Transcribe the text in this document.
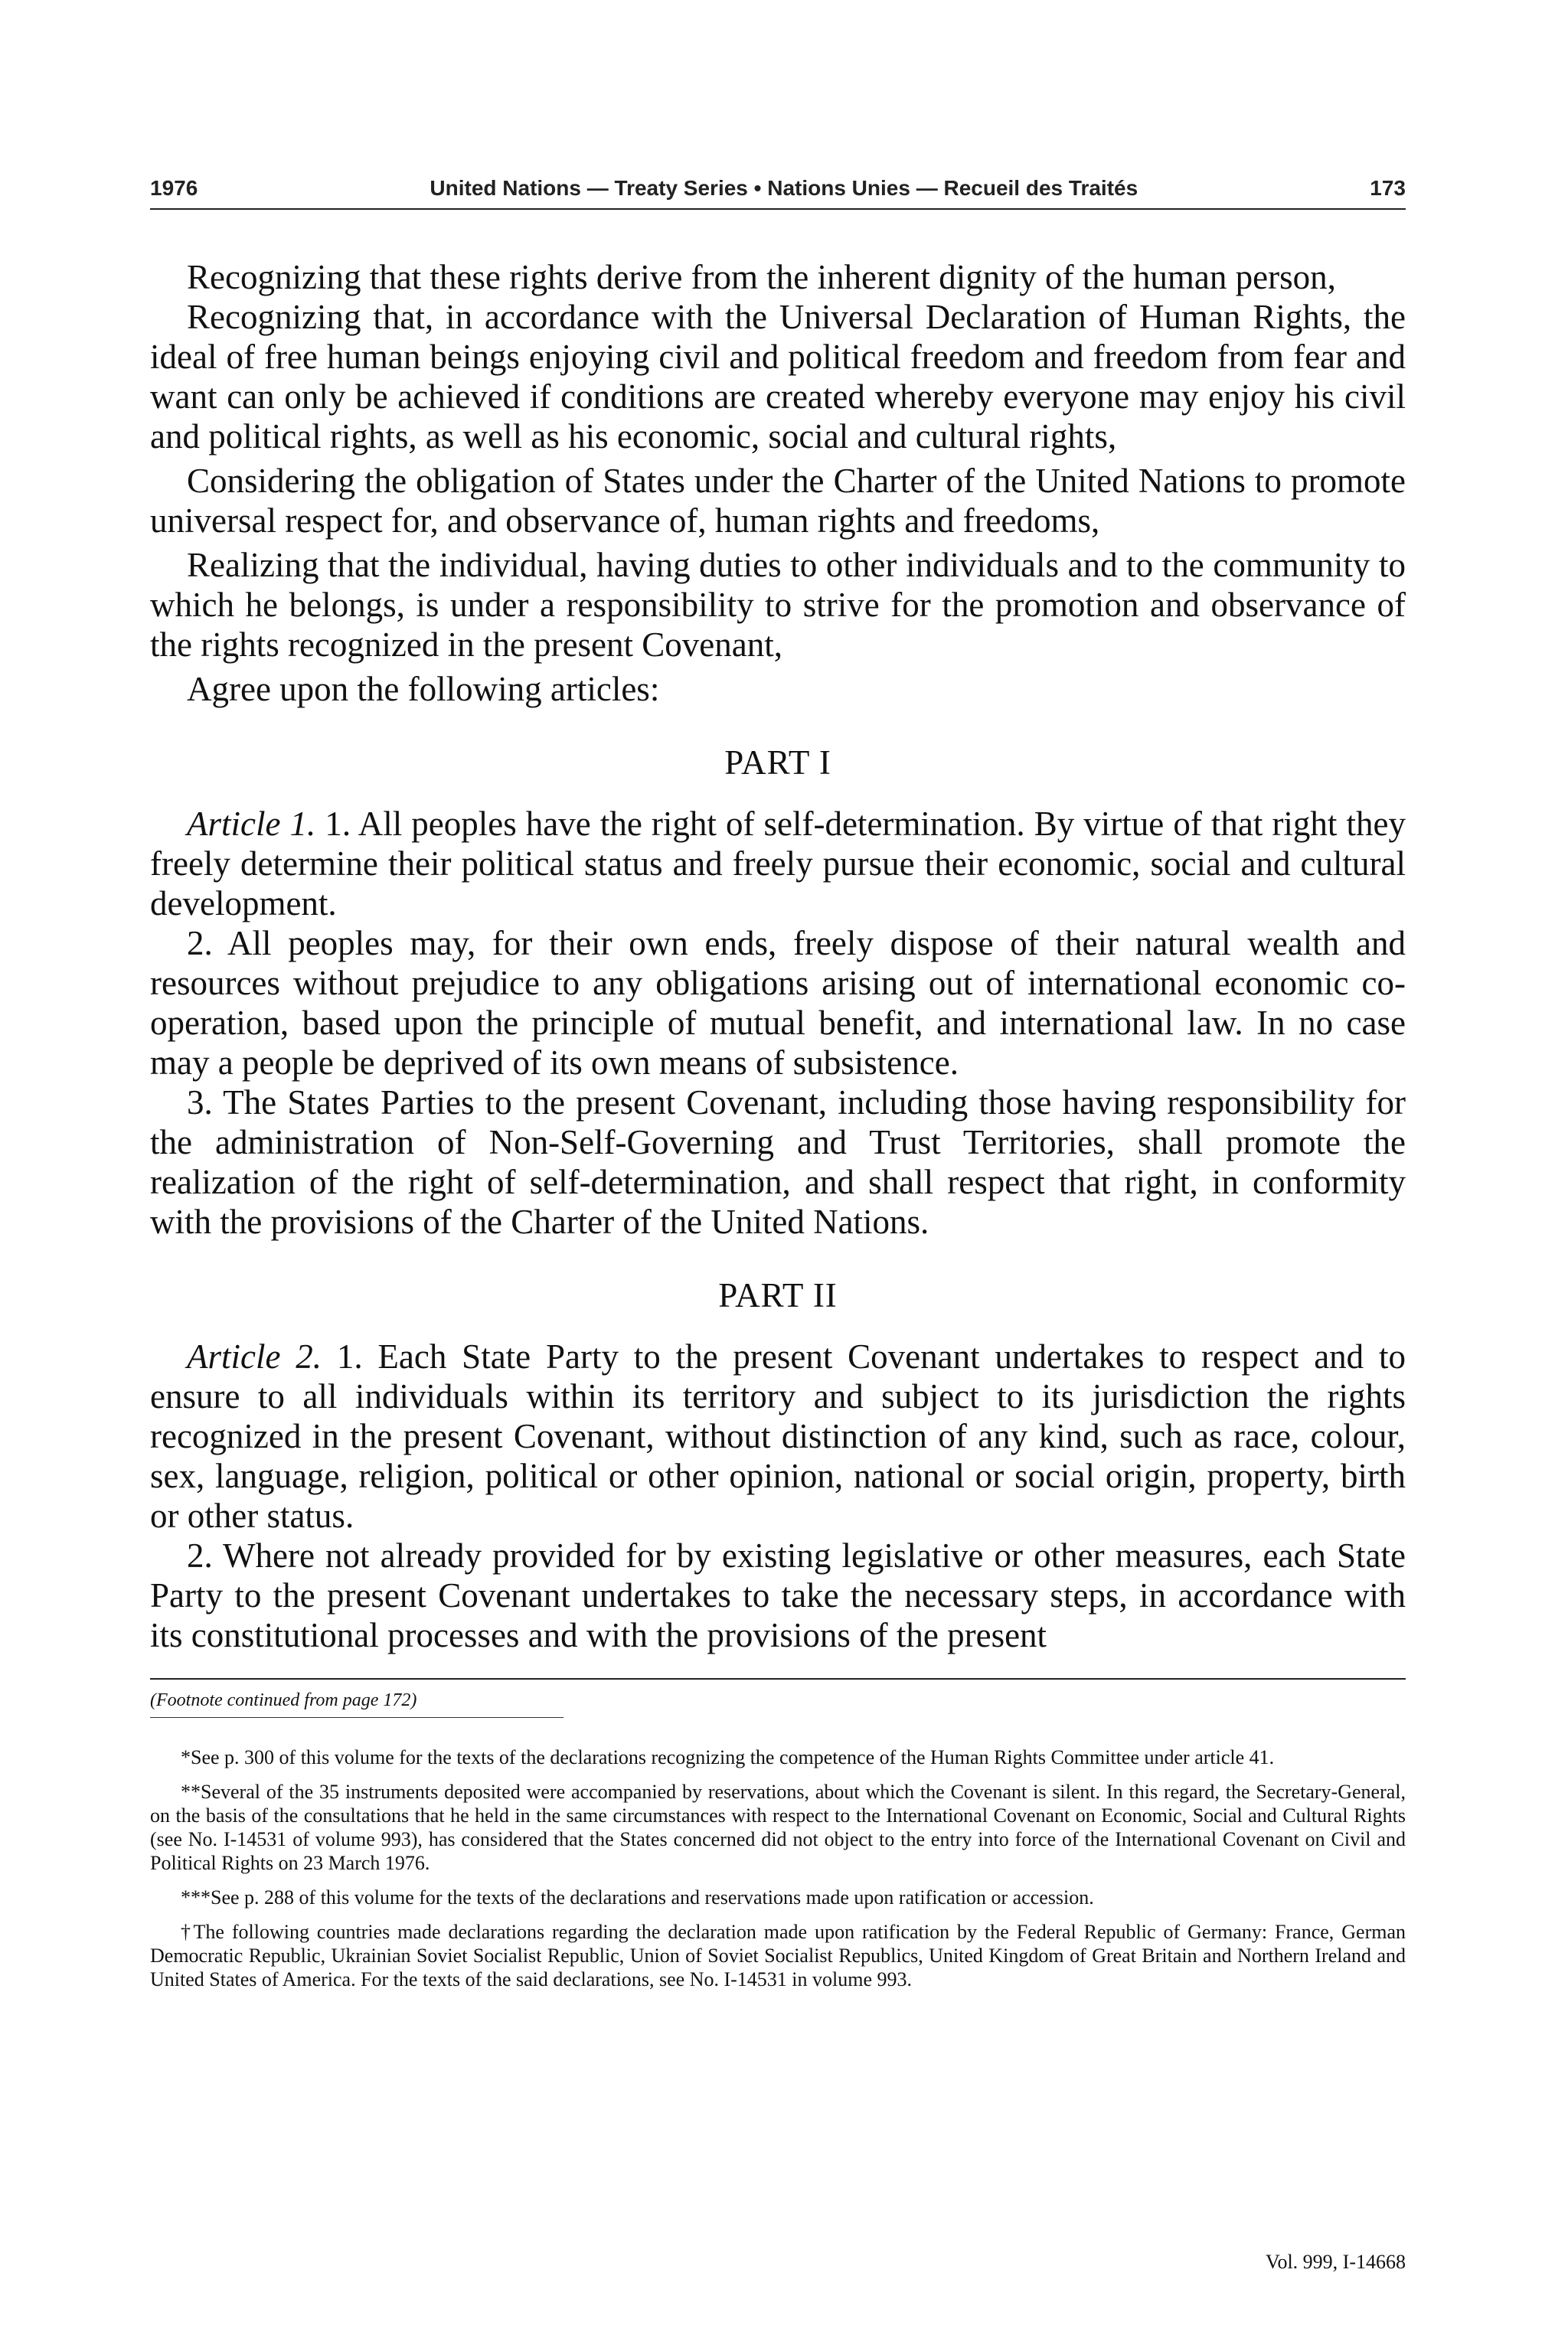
1976	United Nations — Treaty Series • Nations Unies — Recueil des Traités	173

Recognizing that these rights derive from the inherent dignity of the human person,

Recognizing that, in accordance with the Universal Declaration of Human Rights, the ideal of free human beings enjoying civil and political freedom and freedom from fear and want can only be achieved if conditions are created whereby everyone may enjoy his civil and political rights, as well as his economic, social and cultural rights,

Considering the obligation of States under the Charter of the United Nations to promote universal respect for, and observance of, human rights and freedoms,

Realizing that the individual, having duties to other individuals and to the community to which he belongs, is under a responsibility to strive for the promotion and observance of the rights recognized in the present Covenant,

Agree upon the following articles:

PART I

Article 1. 1. All peoples have the right of self-determination. By virtue of that right they freely determine their political status and freely pursue their economic, social and cultural development.

2. All peoples may, for their own ends, freely dispose of their natural wealth and resources without prejudice to any obligations arising out of international economic co-operation, based upon the principle of mutual benefit, and international law. In no case may a people be deprived of its own means of subsistence.

3. The States Parties to the present Covenant, including those having responsibility for the administration of Non-Self-Governing and Trust Territories, shall promote the realization of the right of self-determination, and shall respect that right, in conformity with the provisions of the Charter of the United Nations.

PART II

Article 2. 1. Each State Party to the present Covenant undertakes to respect and to ensure to all individuals within its territory and subject to its jurisdiction the rights recognized in the present Covenant, without distinction of any kind, such as race, colour, sex, language, religion, political or other opinion, national or social origin, property, birth or other status.

2. Where not already provided for by existing legislative or other measures, each State Party to the present Covenant undertakes to take the necessary steps, in accordance with its constitutional processes and with the provisions of the present

(Footnote continued from page 172)

*See p. 300 of this volume for the texts of the declarations recognizing the competence of the Human Rights Committee under article 41.

**Several of the 35 instruments deposited were accompanied by reservations, about which the Covenant is silent. In this regard, the Secretary-General, on the basis of the consultations that he held in the same circumstances with respect to the International Covenant on Economic, Social and Cultural Rights (see No. I-14531 of volume 993), has considered that the States concerned did not object to the entry into force of the International Covenant on Civil and Political Rights on 23 March 1976.

***See p. 288 of this volume for the texts of the declarations and reservations made upon ratification or accession.

†The following countries made declarations regarding the declaration made upon ratification by the Federal Republic of Germany: France, German Democratic Republic, Ukrainian Soviet Socialist Republic, Union of Soviet Socialist Republics, United Kingdom of Great Britain and Northern Ireland and United States of America. For the texts of the said declarations, see No. I-14531 in volume 993.

Vol. 999, I-14668
